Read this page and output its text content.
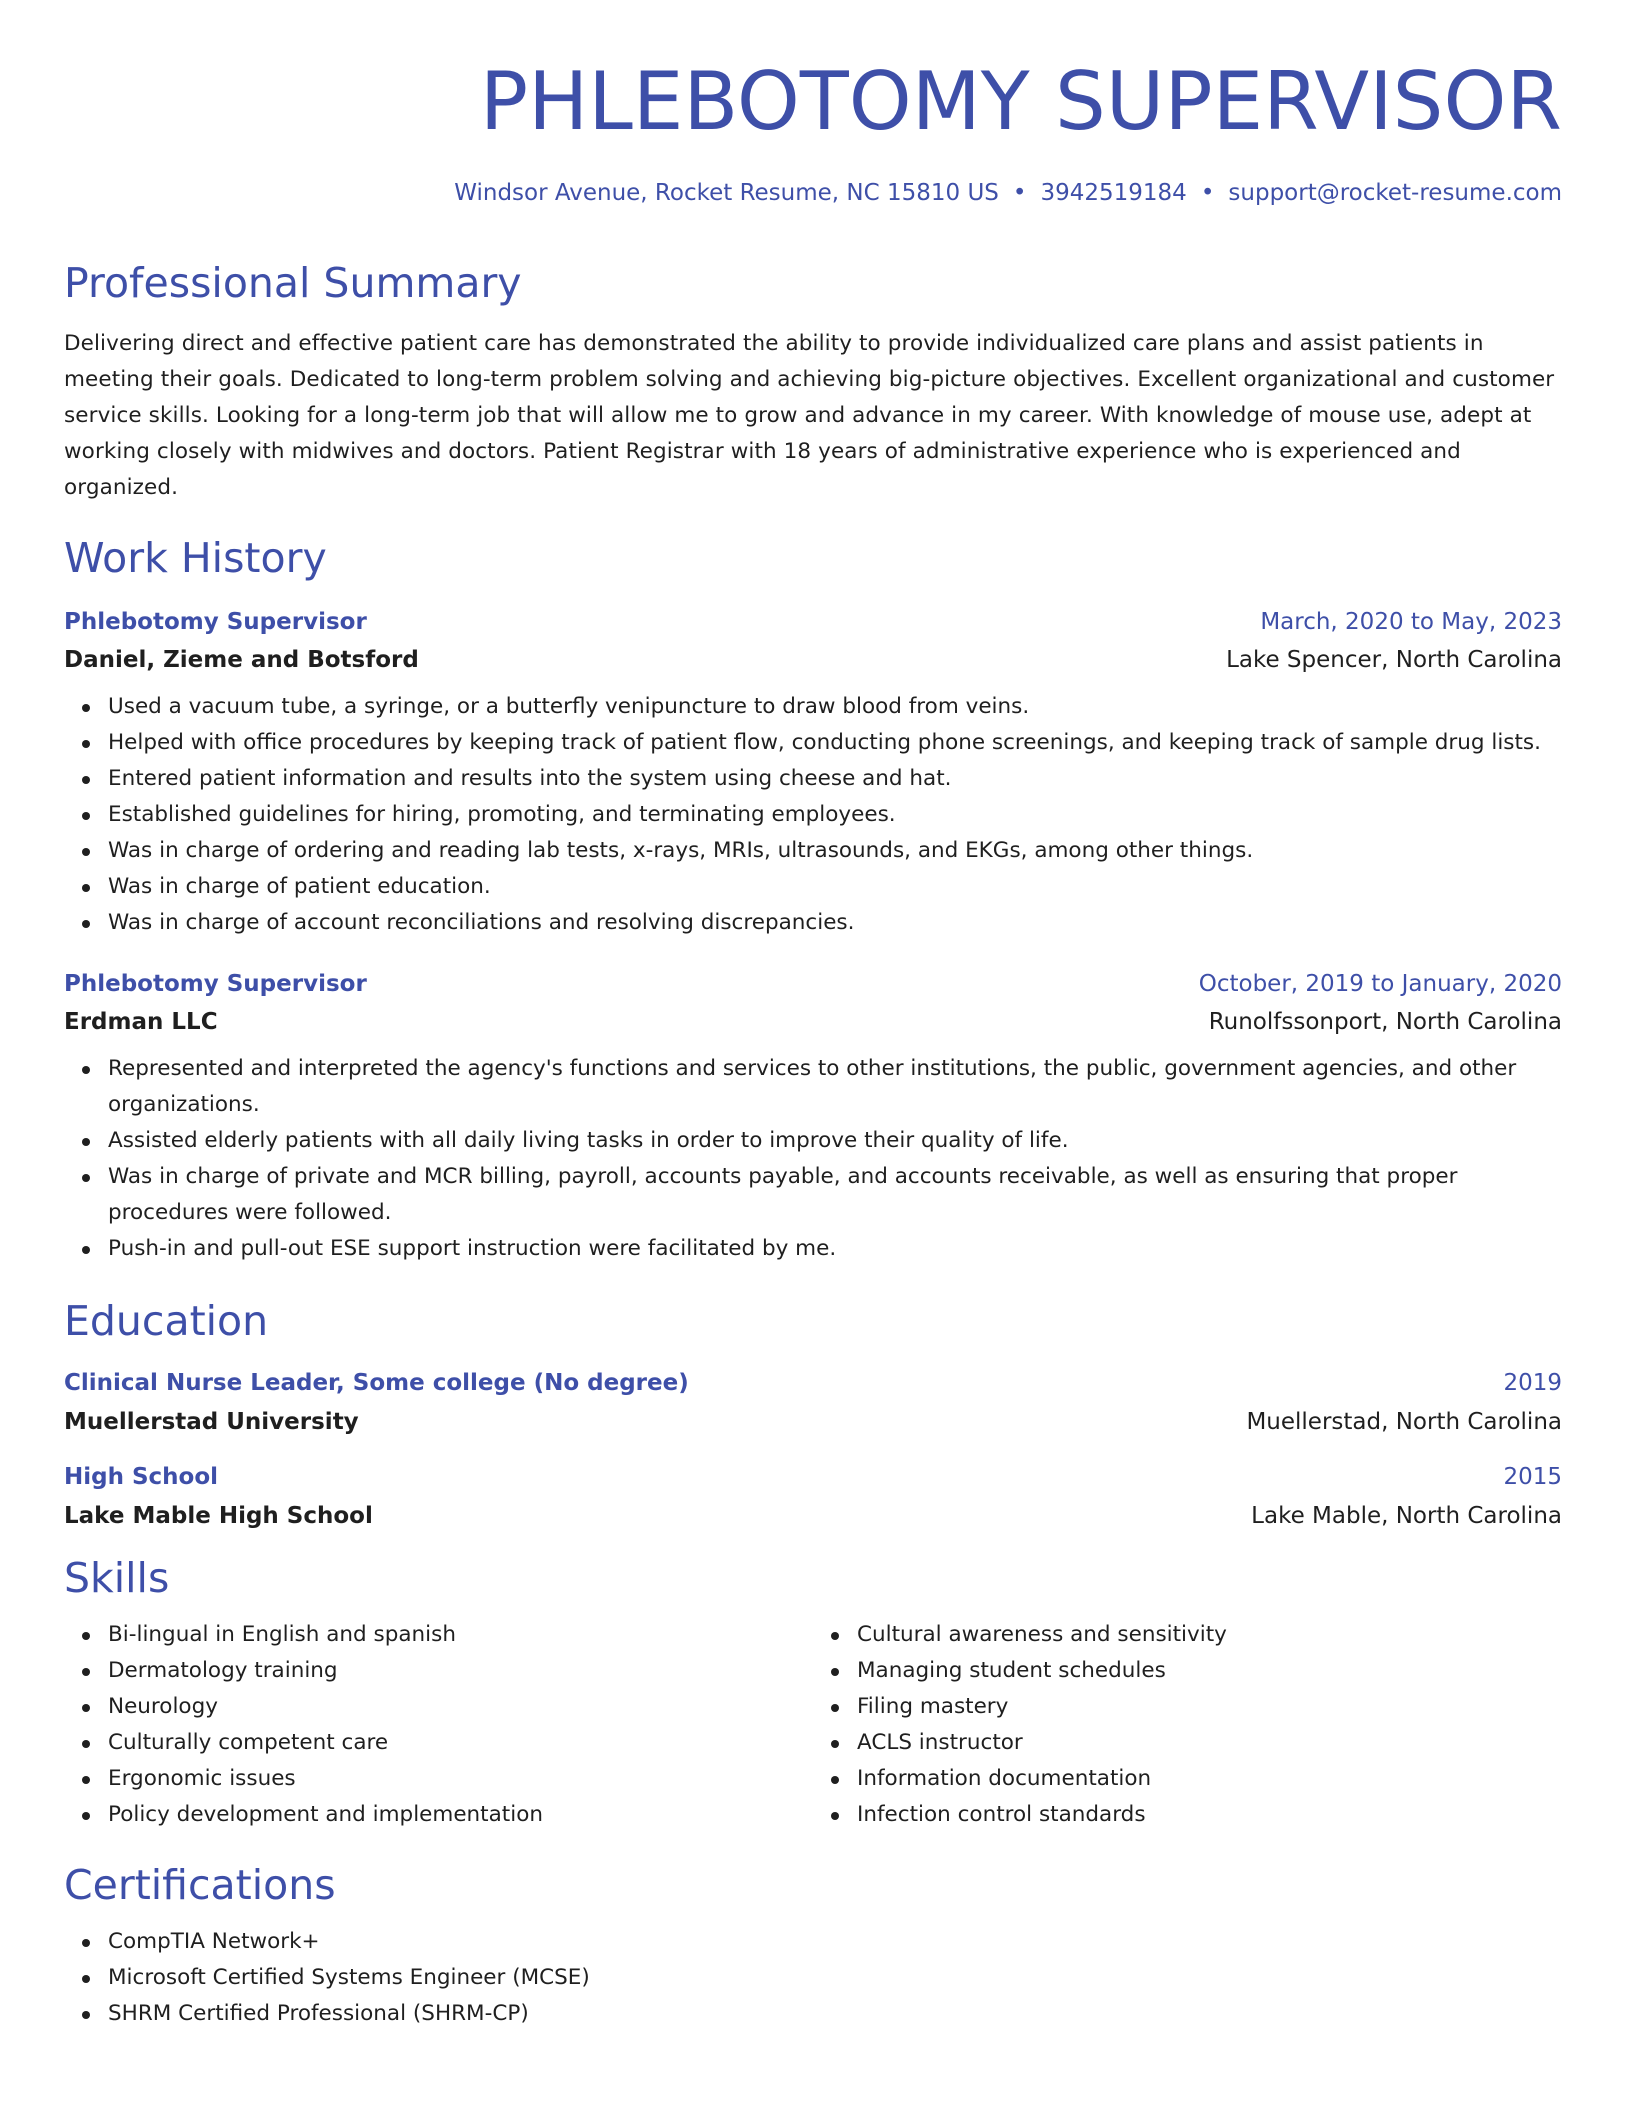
PHLEBOTOMY SUPERVISOR
Windsor Avenue, Rocket Resume, NC 15810 US • 3942519184 • support@rocket-resume.com
Professional Summary
Delivering direct and effective patient care has demonstrated the ability to provide individualized care plans and assist patients in meeting their goals. Dedicated to long-term problem solving and achieving big-picture objectives. Excellent organizational and customer service skills. Looking for a long-term job that will allow me to grow and advance in my career. With knowledge of mouse use, adept at working closely with midwives and doctors. Patient Registrar with 18 years of administrative experience who is experienced and organized.
Work History
Phlebotomy Supervisor	March, 2020 to May, 2023
Daniel, Zieme and Botsford	Lake Spencer, North Carolina
Used a vacuum tube, a syringe, or a butterfly venipuncture to draw blood from veins.
Helped with office procedures by keeping track of patient flow, conducting phone screenings, and keeping track of sample drug lists.
Entered patient information and results into the system using cheese and hat.
Established guidelines for hiring, promoting, and terminating employees.
Was in charge of ordering and reading lab tests, x-rays, MRIs, ultrasounds, and EKGs, among other things.
Was in charge of patient education.
Was in charge of account reconciliations and resolving discrepancies.
Phlebotomy Supervisor	October, 2019 to January, 2020
Erdman LLC	Runolfssonport, North Carolina
Represented and interpreted the agency's functions and services to other institutions, the public, government agencies, and other organizations.
Assisted elderly patients with all daily living tasks in order to improve their quality of life.
Was in charge of private and MCR billing, payroll, accounts payable, and accounts receivable, as well as ensuring that proper procedures were followed.
Push-in and pull-out ESE support instruction were facilitated by me.
Education
Clinical Nurse Leader, Some college (No degree)	2019
Muellerstad University	Muellerstad, North Carolina
High School	2015
Lake Mable High School	Lake Mable, North Carolina
Skills
Bi-lingual in English and spanish
Dermatology training
Neurology
Culturally competent care
Ergonomic issues
Policy development and implementation
Cultural awareness and sensitivity
Managing student schedules
Filing mastery
ACLS instructor
Information documentation
Infection control standards
Certifications
CompTIA Network+
Microsoft Certified Systems Engineer (MCSE)
SHRM Certified Professional (SHRM-CP)
